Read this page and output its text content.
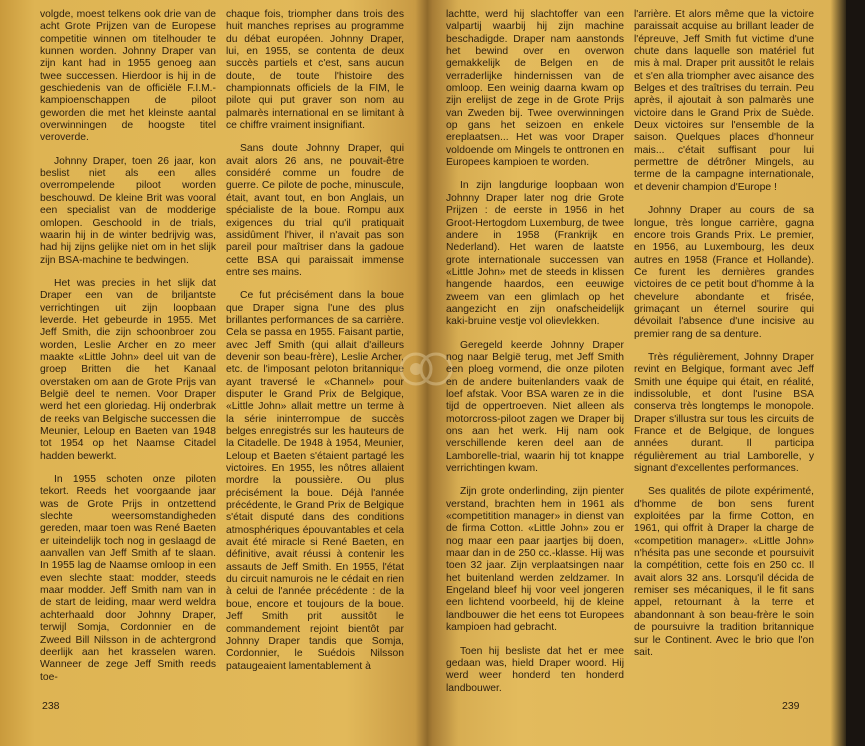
volgde, moest telkens ook drie van de acht Grote Prijzen van de Europese competitie winnen om titelhouder te kunnen worden. Johnny Draper van zijn kant had in 1955 genoeg aan twee successen. Hierdoor is hij in de geschiedenis van de officiële F.I.M.-kampioenschappen de piloot geworden die met het kleinste aantal overwinningen de hoogste titel veroverde.

Johnny Draper, toen 26 jaar, kon beslist niet als een alles overrompelende piloot worden beschouwd. De kleine Brit was vooral een specialist van de modderige omlopen. Geschoold in de trials, waarin hij in de winter bedrijvig was, had hij zijns gelijke niet om in het slijk zijn BSA-machine te bedwingen.

Het was precies in het slijk dat Draper een van de briljantste verrichtingen uit zijn loopbaan leverde. Het gebeurde in 1955. Met Jeff Smith, die zijn schoonbroer zou worden, Leslie Archer en zo meer maakte «Little John» deel uit van de groep Britten die het Kanaal overstaken om aan de Grote Prijs van België deel te nemen. Voor Draper werd het een gloriedag. Hij onderbrak de reeks van Belgische successen die Meunier, Leloup en Baeten van 1948 tot 1954 op het Naamse Citadel hadden bewerkt.

In 1955 schoten onze piloten tekort. Reeds het voorgaande jaar was de Grote Prijs in ontzettend slechte weersomstandigheden gereden, maar toen was René Baeten er uiteindelijk toch nog in geslaagd de aanvallen van Jeff Smith af te slaan. In 1955 lag de Naamse omloop in een even slechte staat: modder, steeds maar modder. Jeff Smith nam van in de start de leiding, maar werd weldra achterhaald door Johnny Draper, terwijl Somja, Cordonnier en de Zweed Bill Nilsson in de achtergrond deerlijk aan het krasselen waren. Wanneer de zege Jeff Smith reeds toe-

chaque fois, triompher dans trois des huit manches reprises au programme du débat européen. Johnny Draper, lui, en 1955, se contenta de deux succès partiels et c'est, sans aucun doute, de toute l'histoire des championnats officiels de la FIM, le pilote qui put graver son nom au palmarès international en se limitant à ce chiffre vraiment insignifiant.

Sans doute Johnny Draper, qui avait alors 26 ans, ne pouvait-être considéré comme un foudre de guerre. Ce pilote de poche, minuscule, était, avant tout, en bon Anglais, un spécialiste de la boue. Rompu aux exigences du trial qu'il pratiquait assidûment l'hiver, il n'avait pas son pareil pour maîtriser dans la gadoue cette BSA qui paraissait immense entre ses mains.

Ce fut précisément dans la boue que Draper signa l'une des plus brillantes performances de sa carrière. Cela se passa en 1955. Faisant partie, avec Jeff Smith (qui allait d'ailleurs devenir son beau-frère), Leslie Archer, etc. de l'imposant peloton britannique ayant traversé le «Channel» pour disputer le Grand Prix de Belgique, «Little John» allait mettre un terme à la série ininterrompue de succès belges enregistrés sur les hauteurs de la Citadelle. De 1948 à 1954, Meunier, Leloup et Baeten s'étaient partagé les victoires. En 1955, les nôtres allaient mordre la poussière. Ou plus précisément la boue. Déjà l'année précédente, le Grand Prix de Belgique s'était disputé dans des conditions atmosphériques épouvantables et cela avait été miracle si René Baeten, en définitive, avait réussi à contenir les assauts de Jeff Smith. En 1955, l'état du circuit namurois ne le cédait en rien à celui de l'année précédente : de la boue, encore et toujours de la boue. Jeff Smith prit aussitôt le commandement rejoint bientôt par Johnny Draper tandis que Somja, Cordonnier, le Suédois Nilsson pataugeaient lamentablement à

238

lachtte, werd hij slachtoffer van een valpartij waarbij hij zijn machine beschadigde. Draper nam aanstonds het bewind over en overwon gemakkelijk de Belgen en de verraderlijke hindernissen van de omloop. Een weinig daarna kwam op zijn erelijst de zege in de Grote Prijs van Zweden bij. Twee overwinningen op gans het seizoen en enkele ereplaatsen... Het was voor Draper voldoende om Mingels te onttronen en Europees kampioen te worden.

In zijn langdurige loopbaan won Johnny Draper later nog drie Grote Prijzen : de eerste in 1956 in het Groot-Hertogdom Luxemburg, de twee andere in 1958 (Frankrijk en Nederland). Het waren de laatste grote internationale successen van «Little John» met de steeds in klissen hangende haardos, een eeuwige zweem van een glimlach op het aangezicht en zijn onafscheidelijk kaki-bruine vestje vol olievlekken.

Geregeld keerde Johnny Draper nog naar België terug, met Jeff Smith een ploeg vormend, die onze piloten en de andere buitenlanders vaak de loef afstak. Voor BSA waren ze in die tijd de oppertroeven. Niet alleen als motorcross-piloot zagen we Draper bij ons aan het werk. Hij nam ook verschillende keren deel aan de Lamborelle-trial, waarin hij tot knappe verrichtingen kwam.

Zijn grote onderlinding, zijn pienter verstand, brachten hem in 1961 als «competitition manager» in dienst van de firma Cotton. «Little John» zou er nog maar een paar jaartjes bij doen, maar dan in de 250 cc.-klasse. Hij was toen 32 jaar. Zijn verplaatsingen naar het buitenland werden zeldzamer. In Engeland bleef hij voor veel jongeren een lichtend voorbeeld, hij de kleine landbouwer die het eens tot Europees kampioen had gebracht.

Toen hij besliste dat het er mee gedaan was, hield Draper woord. Hij werd weer honderd ten honderd landbouwer.

l'arrière. Et alors même que la victoire paraissait acquise au brillant leader de l'épreuve, Jeff Smith fut victime d'une chute dans laquelle son matériel fut mis à mal. Draper prit aussitôt le relais et s'en alla triompher avec aisance des Belges et des traîtrises du terrain. Peu après, il ajoutait à son palmarès une victoire dans le Grand Prix de Suède. Deux victoires sur l'ensemble de la saison. Quelques places d'honneur mais... c'était suffisant pour lui permettre de détrôner Mingels, au terme de la campagne internationale, et devenir champion d'Europe !

Johnny Draper au cours de sa longue, très longue carrière, gagna encore trois Grands Prix. Le premier, en 1956, au Luxembourg, les deux autres en 1958 (France et Hollande). Ce furent les dernières grandes victoires de ce petit bout d'homme à la chevelure abondante et frisée, grimaçant un éternel sourire qui dévoilait l'absence d'une incisive au premier rang de sa denture.

Très régulièrement, Johnny Draper revint en Belgique, formant avec Jeff Smith une équipe qui était, en réalité, indissoluble, et dont l'usine BSA conserva très longtemps le monopole. Draper s'illustra sur tous les circuits de France et de Belgique, de longues années durant. Il participa régulièrement au trial Lamborelle, y signant d'excellentes performances.

Ses qualités de pilote expérimenté, d'homme de bon sens furent exploitées par la firme Cotton, en 1961, qui offrit à Draper la charge de «competition manager». «Little John» n'hésita pas une seconde et poursuivit la compétition, cette fois en 250 cc. Il avait alors 32 ans. Lorsqu'il décida de remiser ses mécaniques, il le fit sans appel, retournant à la terre et abandonnant à son beau-frère le soin de poursuivre la tradition britannique sur le Continent. Avec le brio que l'on sait.

239
